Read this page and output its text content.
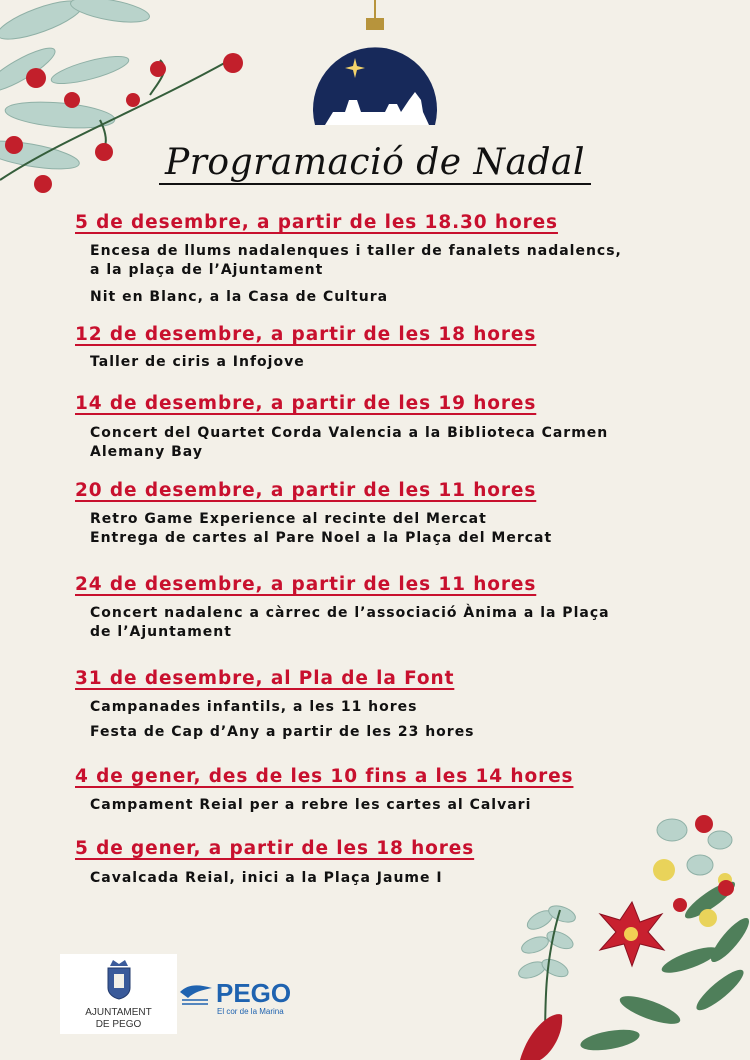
Programació de Nadal
5 de desembre, a partir de les 18.30 hores
Encesa de llums nadalenques i taller de fanalets nadalencs,
a la plaça de l’Ajuntament
Nit en Blanc, a la Casa de Cultura
12 de desembre, a partir de les 18 hores
Taller de ciris a Infojove
14 de desembre, a partir de les 19 hores
Concert del Quartet Corda Valencia a la Biblioteca Carmen
Alemany Bay
20 de desembre, a partir de les 11 hores
Retro Game Experience al recinte del Mercat
Entrega de cartes al Pare Noel a la Plaça del Mercat
24 de desembre, a partir de les 11 hores
Concert nadalenc a càrrec de l’associació Ànima a la Plaça
de l’Ajuntament
31 de desembre, al Pla de la Font
Campanades infantils, a les 11 hores
Festa de Cap d’Any a partir de les 23 hores
4 de gener, des de les 10 fins a les 14 hores
Campament Reial per a rebre les cartes al Calvari
5 de gener, a partir de les 18 hores
Cavalcada Reial, inici a la Plaça Jaume I
AJUNTAMENT
DE PEGO
PEGO
El cor de la Marina
